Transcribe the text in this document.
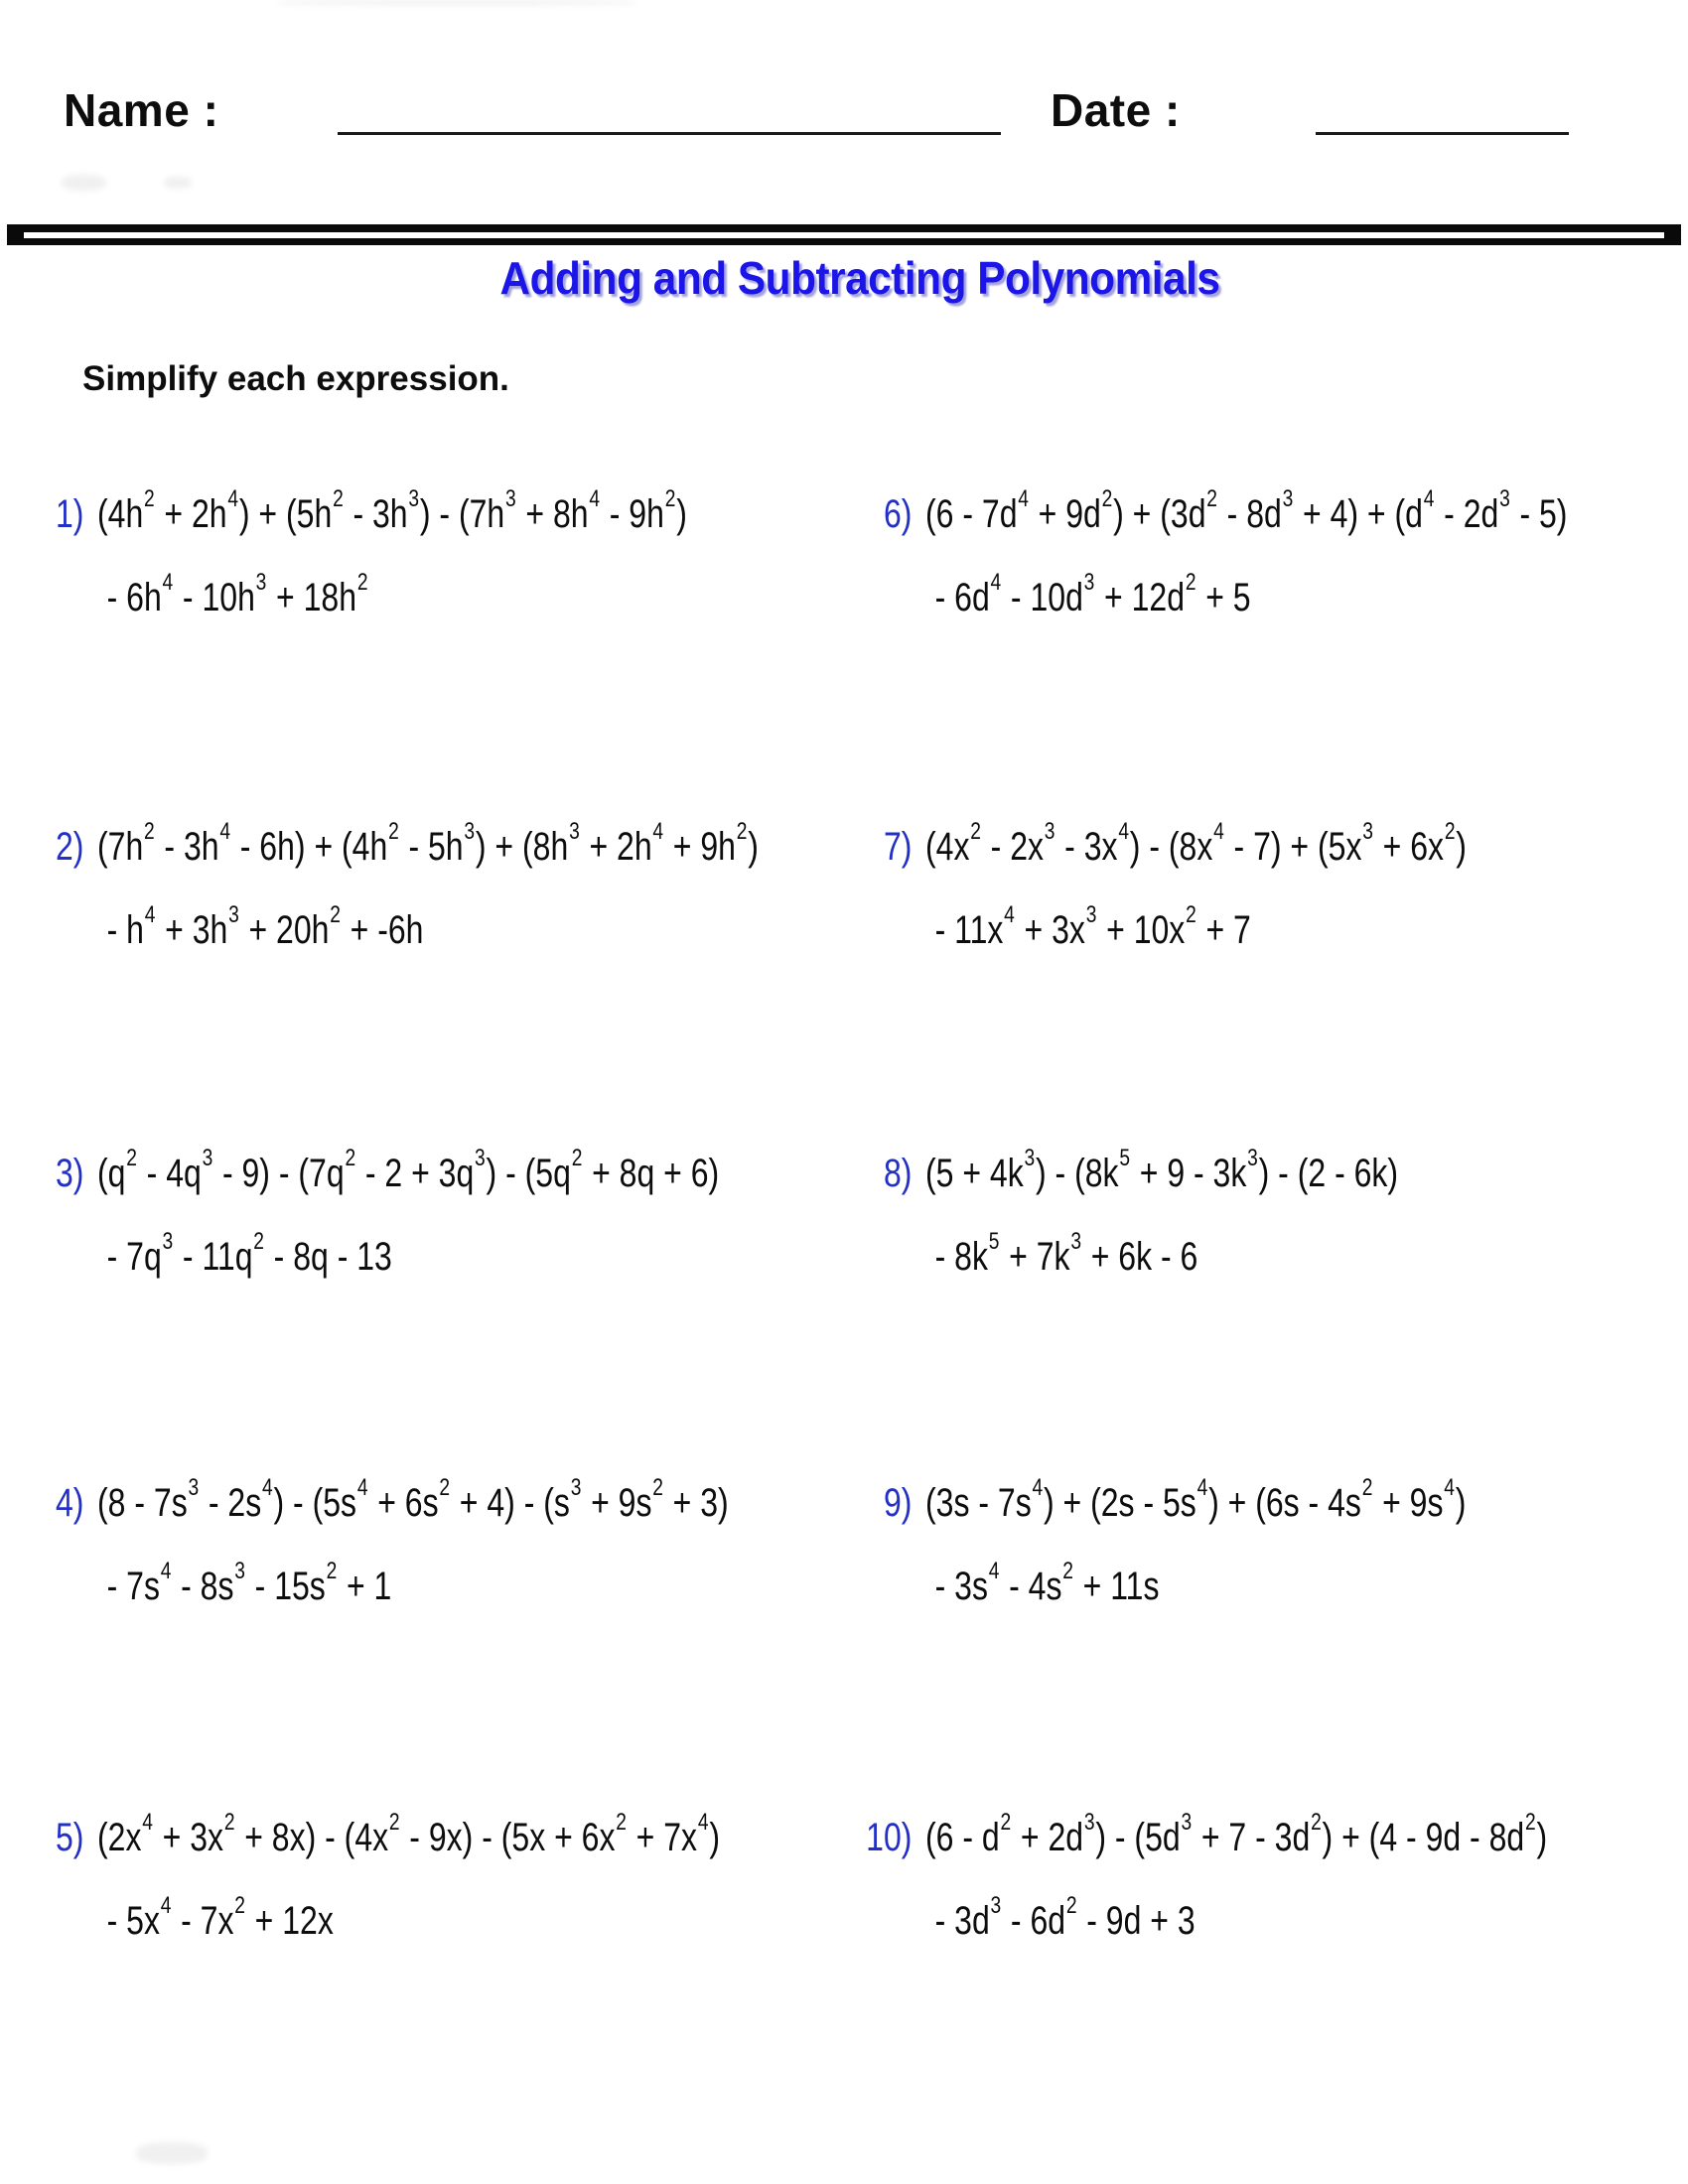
Name :	Date :
Adding and Subtracting Polynomials
Simplify each expression.
1) $(4h^2 + 2h^4) + (5h^2 - 3h^3) - (7h^3 + 8h^4 - 9h^2)$
- $6h^4 - 10h^3 + 18h^2$
2) $(7h^2 - 3h^4 - 6h) + (4h^2 - 5h^3) + (8h^3 + 2h^4 + 9h^2)$
- $h^4 + 3h^3 + 20h^2 + -6h$
3) $(q^2 - 4q^3 - 9) - (7q^2 - 2 + 3q^3) - (5q^2 + 8q + 6)$
- $7q^3 - 11q^2 - 8q - 13$
4) $(8 - 7s^3 - 2s^4) - (5s^4 + 6s^2 + 4) - (s^3 + 9s^2 + 3)$
- $7s^4 - 8s^3 - 15s^2 + 1$
5) $(2x^4 + 3x^2 + 8x) - (4x^2 - 9x) - (5x + 6x^2 + 7x^4)$
- $5x^4 - 7x^2 + 12x$
6) $(6 - 7d^4 + 9d^2) + (3d^2 - 8d^3 + 4) + (d^4 - 2d^3 - 5)$
- $6d^4 - 10d^3 + 12d^2 + 5$
7) $(4x^2 - 2x^3 - 3x^4) - (8x^4 - 7) + (5x^3 + 6x^2)$
- $11x^4 + 3x^3 + 10x^2 + 7$
8) $(5 + 4k^3) - (8k^5 + 9 - 3k^3) - (2 - 6k)$
- $8k^5 + 7k^3 + 6k - 6$
9) $(3s - 7s^4) + (2s - 5s^4) + (6s - 4s^2 + 9s^4)$
- $3s^4 - 4s^2 + 11s$
10) $(6 - d^2 + 2d^3) - (5d^3 + 7 - 3d^2) + (4 - 9d - 8d^2)$
- $3d^3 - 6d^2 - 9d + 3$
